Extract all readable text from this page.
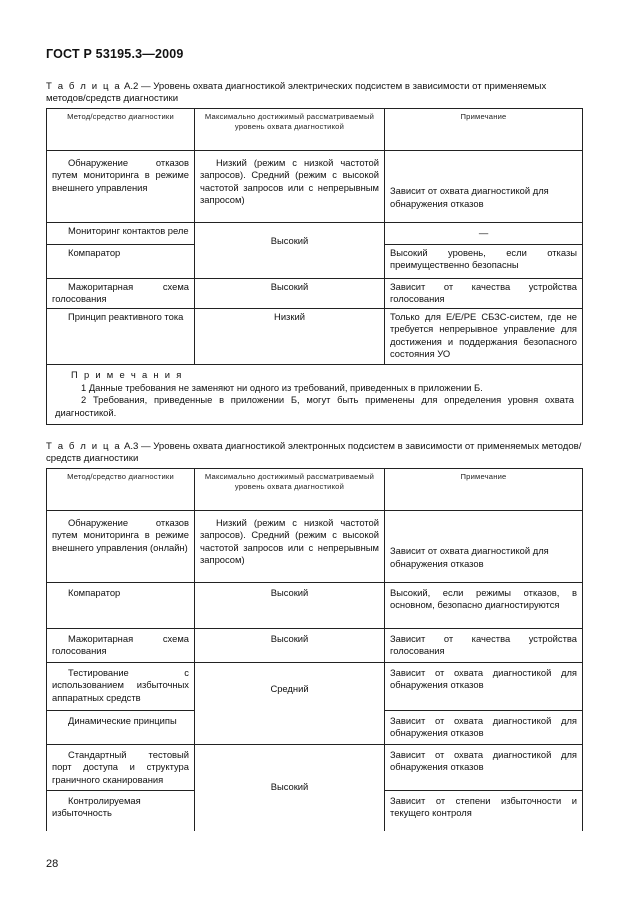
ГОСТ Р 53195.3—2009
Т а б л и ц а А.2 — Уровень охвата диагностикой электрических подсистем в зависимости от применяемых методов/средств диагностики
Метод/средство диагностики	Максимально достижимый рассматриваемый уровень охвата диагностикой	Примечание
Обнаружение отказов путем мониторинга в режиме внешнего управления	Низкий (режим с низкой частотой запросов). Средний (режим с высокой частотой запросов или с непрерывным запросом)	Зависит от охвата диагностикой для обнаружения отказов
Мониторинг контактов реле	Высокий	—
Компаратор		Высокий уровень, если отказы преимущественно безопасны
Мажоритарная схема голосования	Высокий	Зависит от качества устройства голосования
Принцип реактивного тока	Низкий	Только для Е/Е/РЕ СБЗС-систем, где не требуется непрерывное управление для достижения и поддержания безопасного состояния УО

П р и м е ч а н и я
1 Данные требования не заменяют ни одного из требований, приведенных в приложении Б.
2 Требования, приведенные в приложении Б, могут быть применены для определения уровня охвата диагностикой.		
Т а б л и ц а А.3 — Уровень охвата диагностикой электронных подсистем в зависимости от применяемых методов/средств диагностики
Метод/средство диагностики	Максимально достижимый рассматриваемый уровень охвата диагностикой	Примечание
Обнаружение отказов путем мониторинга в режиме внешнего управления (онлайн)	Низкий (режим с низкой частотой запросов). Средний (режим с высокой частотой запросов или с непрерывным запросом)	Зависит от охвата диагностикой для обнаружения отказов
Компаратор	Высокий	Высокий, если режимы отказов, в основном, безопасно диагностируются
Мажоритарная схема голосования	Высокий	Зависит от качества устройства голосования
Тестирование с использованием избыточных аппаратных средств	Средний	Зависит от охвата диагностикой для обнаружения отказов
Динамические принципы		Зависит от охвата диагностикой для обнаружения отказов
Стандартный тестовый порт доступа и структура граничного сканирования	Высокий	Зависит от охвата диагностикой для обнаружения отказов
Контролируемая избыточность		Зависит от степени избыточности и текущего контроля
28
